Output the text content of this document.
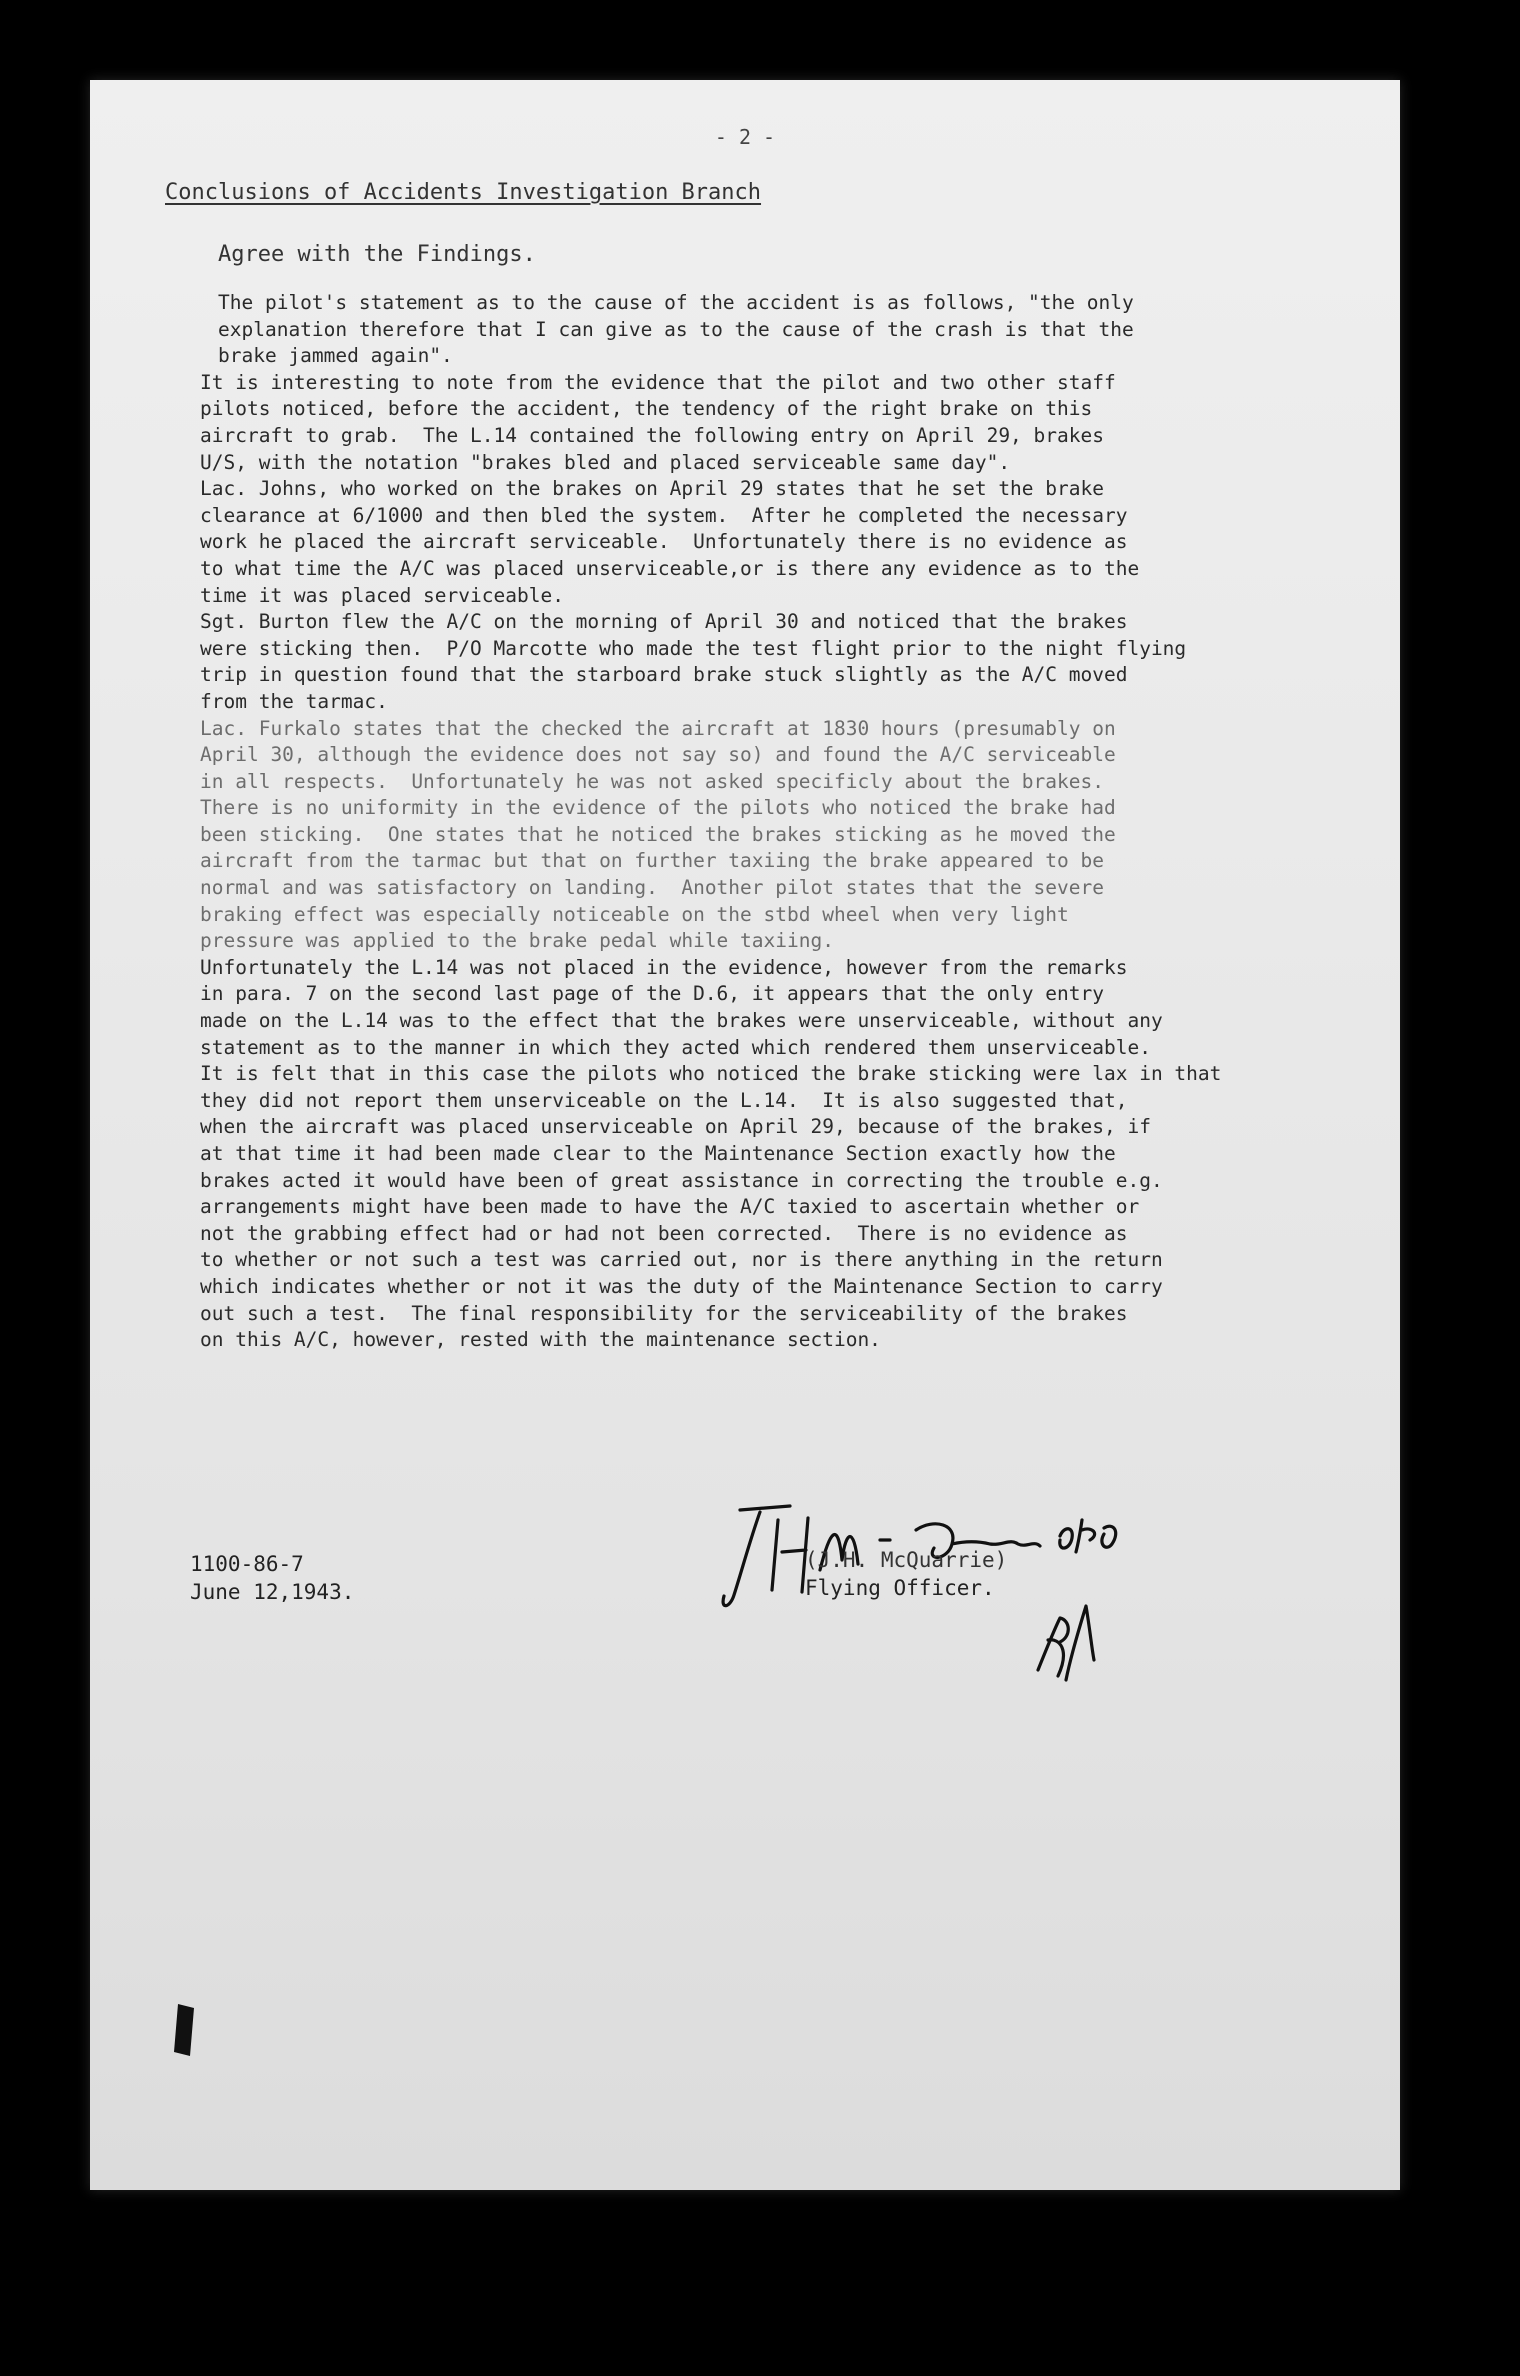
- 2 -
Conclusions of Accidents Investigation Branch
Agree with the Findings.

The pilot's statement as to the cause of the accident is as follows, "the only
explanation therefore that I can give as to the cause of the crash is that the
brake jammed again".

It is interesting to note from the evidence that the pilot and two other staff
pilots noticed, before the accident, the tendency of the right brake on this
aircraft to grab.  The L.14 contained the following entry on April 29, brakes
U/S, with the notation "brakes bled and placed serviceable same day".

Lac. Johns, who worked on the brakes on April 29 states that he set the brake
clearance at 6/1000 and then bled the system.  After he completed the necessary
work he placed the aircraft serviceable.  Unfortunately there is no evidence as
to what time the A/C was placed unserviceable,or is there any evidence as to the
time it was placed serviceable.

Sgt. Burton flew the A/C on the morning of April 30 and noticed that the brakes
were sticking then.  P/O Marcotte who made the test flight prior to the night flying
trip in question found that the starboard brake stuck slightly as the A/C moved
from the tarmac.

Lac. Furkalo states that the checked the aircraft at 1830 hours (presumably on
April 30, although the evidence does not say so) and found the A/C serviceable
in all respects.  Unfortunately he was not asked specificly about the brakes.
There is no uniformity in the evidence of the pilots who noticed the brake had
been sticking.  One states that he noticed the brakes sticking as he moved the
aircraft from the tarmac but that on further taxiing the brake appeared to be
normal and was satisfactory on landing.  Another pilot states that the severe
braking effect was especially noticeable on the stbd wheel when very light
pressure was applied to the brake pedal while taxiing.

Unfortunately the L.14 was not placed in the evidence, however from the remarks
in para. 7 on the second last page of the D.6, it appears that the only entry
made on the L.14 was to the effect that the brakes were unserviceable, without any
statement as to the manner in which they acted which rendered them unserviceable.

It is felt that in this case the pilots who noticed the brake sticking were lax in that
they did not report them unserviceable on the L.14.  It is also suggested that,
when the aircraft was placed unserviceable on April 29, because of the brakes, if
at that time it had been made clear to the Maintenance Section exactly how the
brakes acted it would have been of great assistance in correcting the trouble e.g.
arrangements might have been made to have the A/C taxied to ascertain whether or
not the grabbing effect had or had not been corrected.  There is no evidence as
to whether or not such a test was carried out, nor is there anything in the return
which indicates whether or not it was the duty of the Maintenance Section to carry
out such a test.  The final responsibility for the serviceability of the brakes
on this A/C, however, rested with the maintenance section.

1100-86-7
June 12,1943.
(J.H. McQuarrie)
Flying Officer.
